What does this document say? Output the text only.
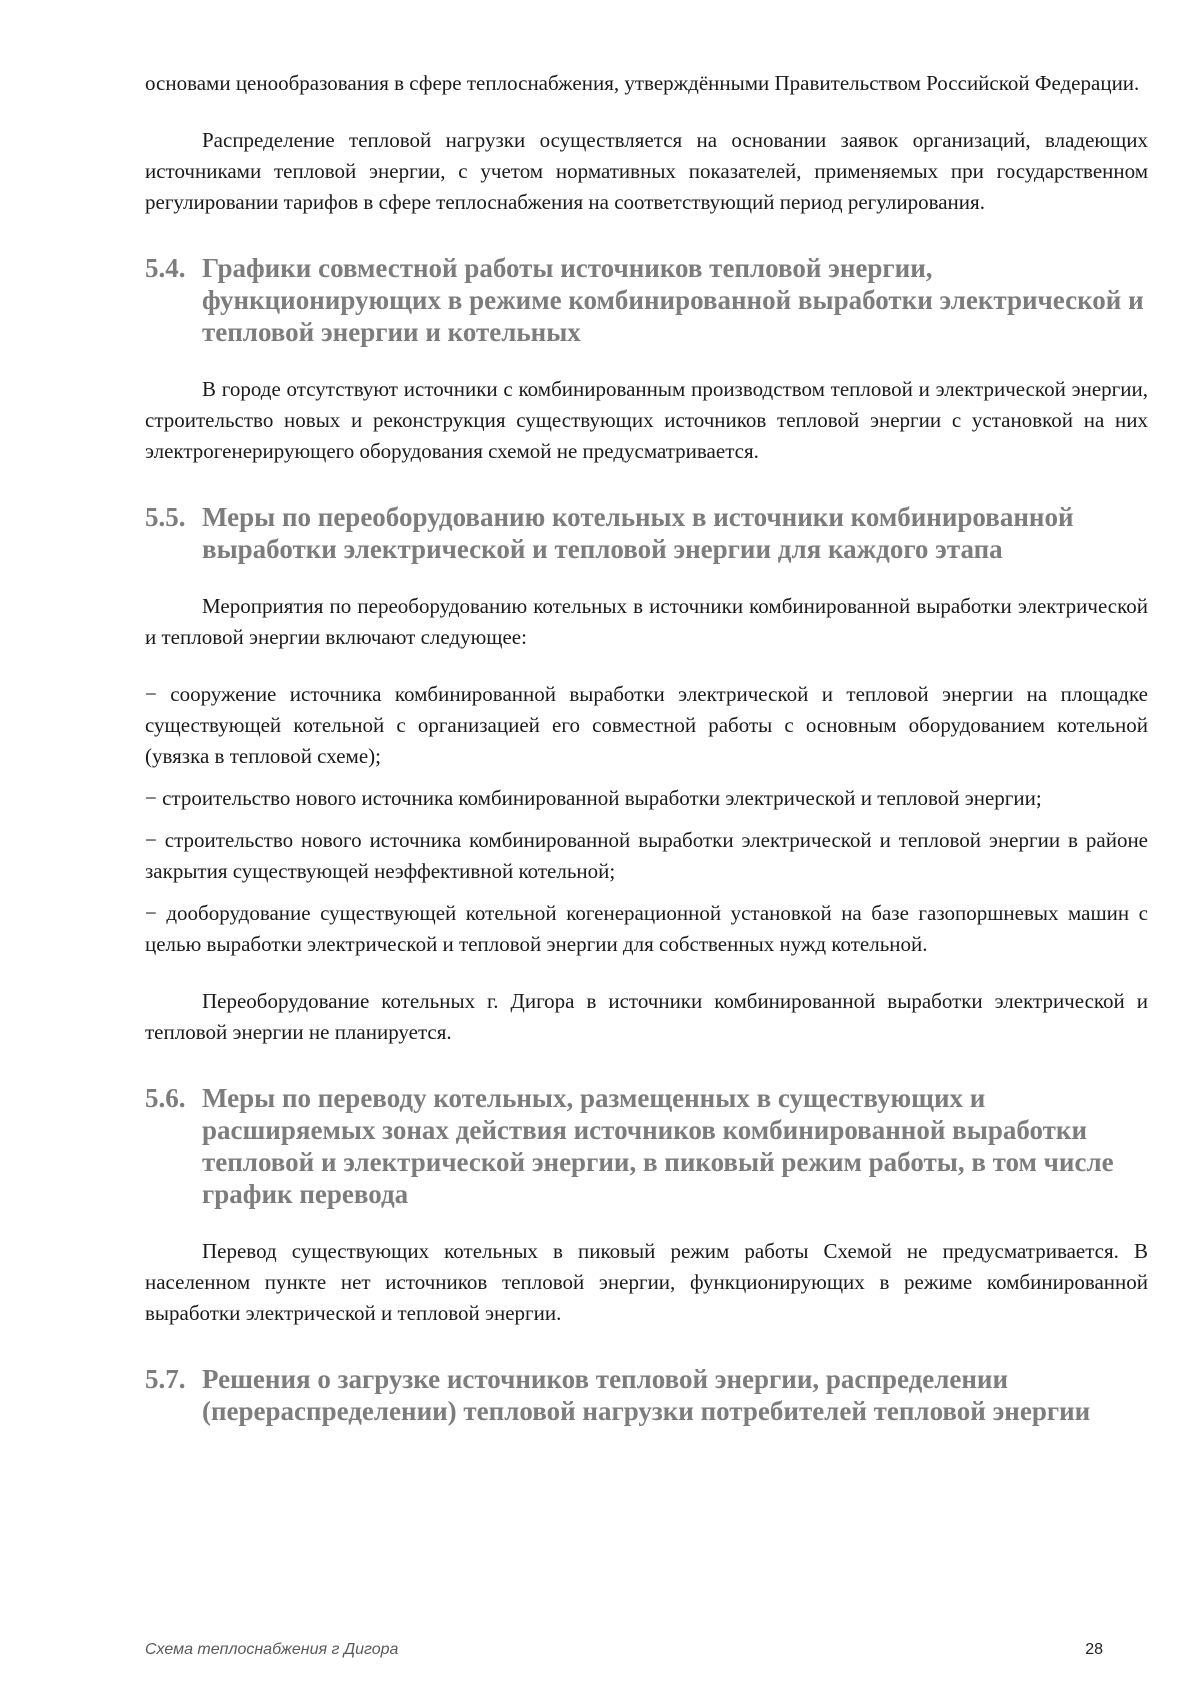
основами ценообразования в сфере теплоснабжения, утверждёнными Правительством Российской Федерации.

Распределение тепловой нагрузки осуществляется на основании заявок организаций, владеющих источниками тепловой энергии, с учетом нормативных показателей, применяемых при государственном регулировании тарифов в сфере теплоснабжения на соответствующий период регулирования.

5.4. Графики совместной работы источников тепловой энергии, функционирующих в режиме комбинированной выработки электрической и тепловой энергии и котельных

В городе отсутствуют источники с комбинированным производством тепловой и электрической энергии, строительство новых и реконструкция существующих источников тепловой энергии с установкой на них электрогенерирующего оборудования схемой не предусматривается.

5.5. Меры по переоборудованию котельных в источники комбинированной выработки электрической и тепловой энергии для каждого этапа

Мероприятия по переоборудованию котельных в источники комбинированной выработки электрической и тепловой энергии включают следующее:

− сооружение источника комбинированной выработки электрической и тепловой энергии на площадке существующей котельной с организацией его совместной работы с основным оборудованием котельной (увязка в тепловой схеме);
− строительство нового источника комбинированной выработки электрической и тепловой энергии;
− строительство нового источника комбинированной выработки электрической и тепловой энергии в районе закрытия существующей неэффективной котельной;
− дооборудование существующей котельной когенерационной установкой на базе газопоршневых машин с целью выработки электрической и тепловой энергии для собственных нужд котельной.

Переоборудование котельных г. Дигора в источники комбинированной выработки электрической и тепловой энергии не планируется.

5.6. Меры по переводу котельных, размещенных в существующих и расширяемых зонах действия источников комбинированной выработки тепловой и электрической энергии, в пиковый режим работы, в том числе график перевода

Перевод существующих котельных в пиковый режим работы Схемой не предусматривается. В населенном пункте нет источников тепловой энергии, функционирующих в режиме комбинированной выработки электрической и тепловой энергии.

5.7. Решения о загрузке источников тепловой энергии, распределении (перераспределении) тепловой нагрузки потребителей тепловой энергии
Схема теплоснабжения г Дигора	28
